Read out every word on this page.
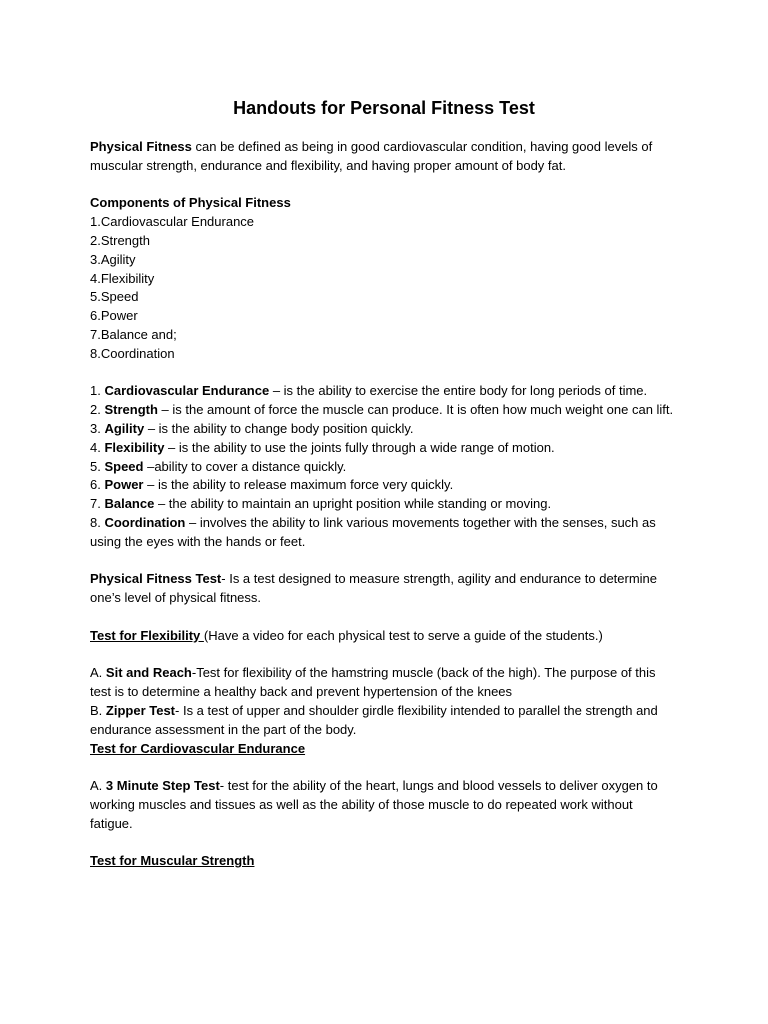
Handouts for Personal Fitness Test

Physical Fitness can be defined as being in good cardiovascular condition, having good levels of muscular strength, endurance and flexibility, and having proper amount of body fat.

Components of Physical Fitness

1.Cardiovascular Endurance

2.Strength

3.Agility

4.Flexibility

5.Speed

6.Power

7.Balance and;

8.Coordination

1. Cardiovascular Endurance – is the ability to exercise the entire body for long periods of time.

2. Strength – is the amount of force the muscle can produce. It is often how much weight one can lift.

3. Agility – is the ability to change body position quickly.

4. Flexibility – is the ability to use the joints fully through a wide range of motion.

5. Speed –ability to cover a distance quickly.

6. Power – is the ability to release maximum force very quickly.

7. Balance – the ability to maintain an upright position while standing or moving.

8. Coordination – involves the ability to link various movements together with the senses, such as using the eyes with the hands or feet.

Physical Fitness Test- Is a test designed to measure strength, agility and endurance to determine one’s level of physical fitness.

Test for Flexibility (Have a video for each physical test to serve a guide of the students.)

A. Sit and Reach-Test for flexibility of the hamstring muscle (back of the high). The purpose of this test is to determine a healthy back and prevent hypertension of the knees

B. Zipper Test- Is a test of upper and shoulder girdle flexibility intended to parallel the strength and endurance assessment in the part of the body.

Test for Cardiovascular Endurance

A. 3 Minute Step Test- test for the ability of the heart, lungs and blood vessels to deliver oxygen to working muscles and tissues as well as the ability of those muscle to do repeated work without fatigue.

Test for Muscular Strength
